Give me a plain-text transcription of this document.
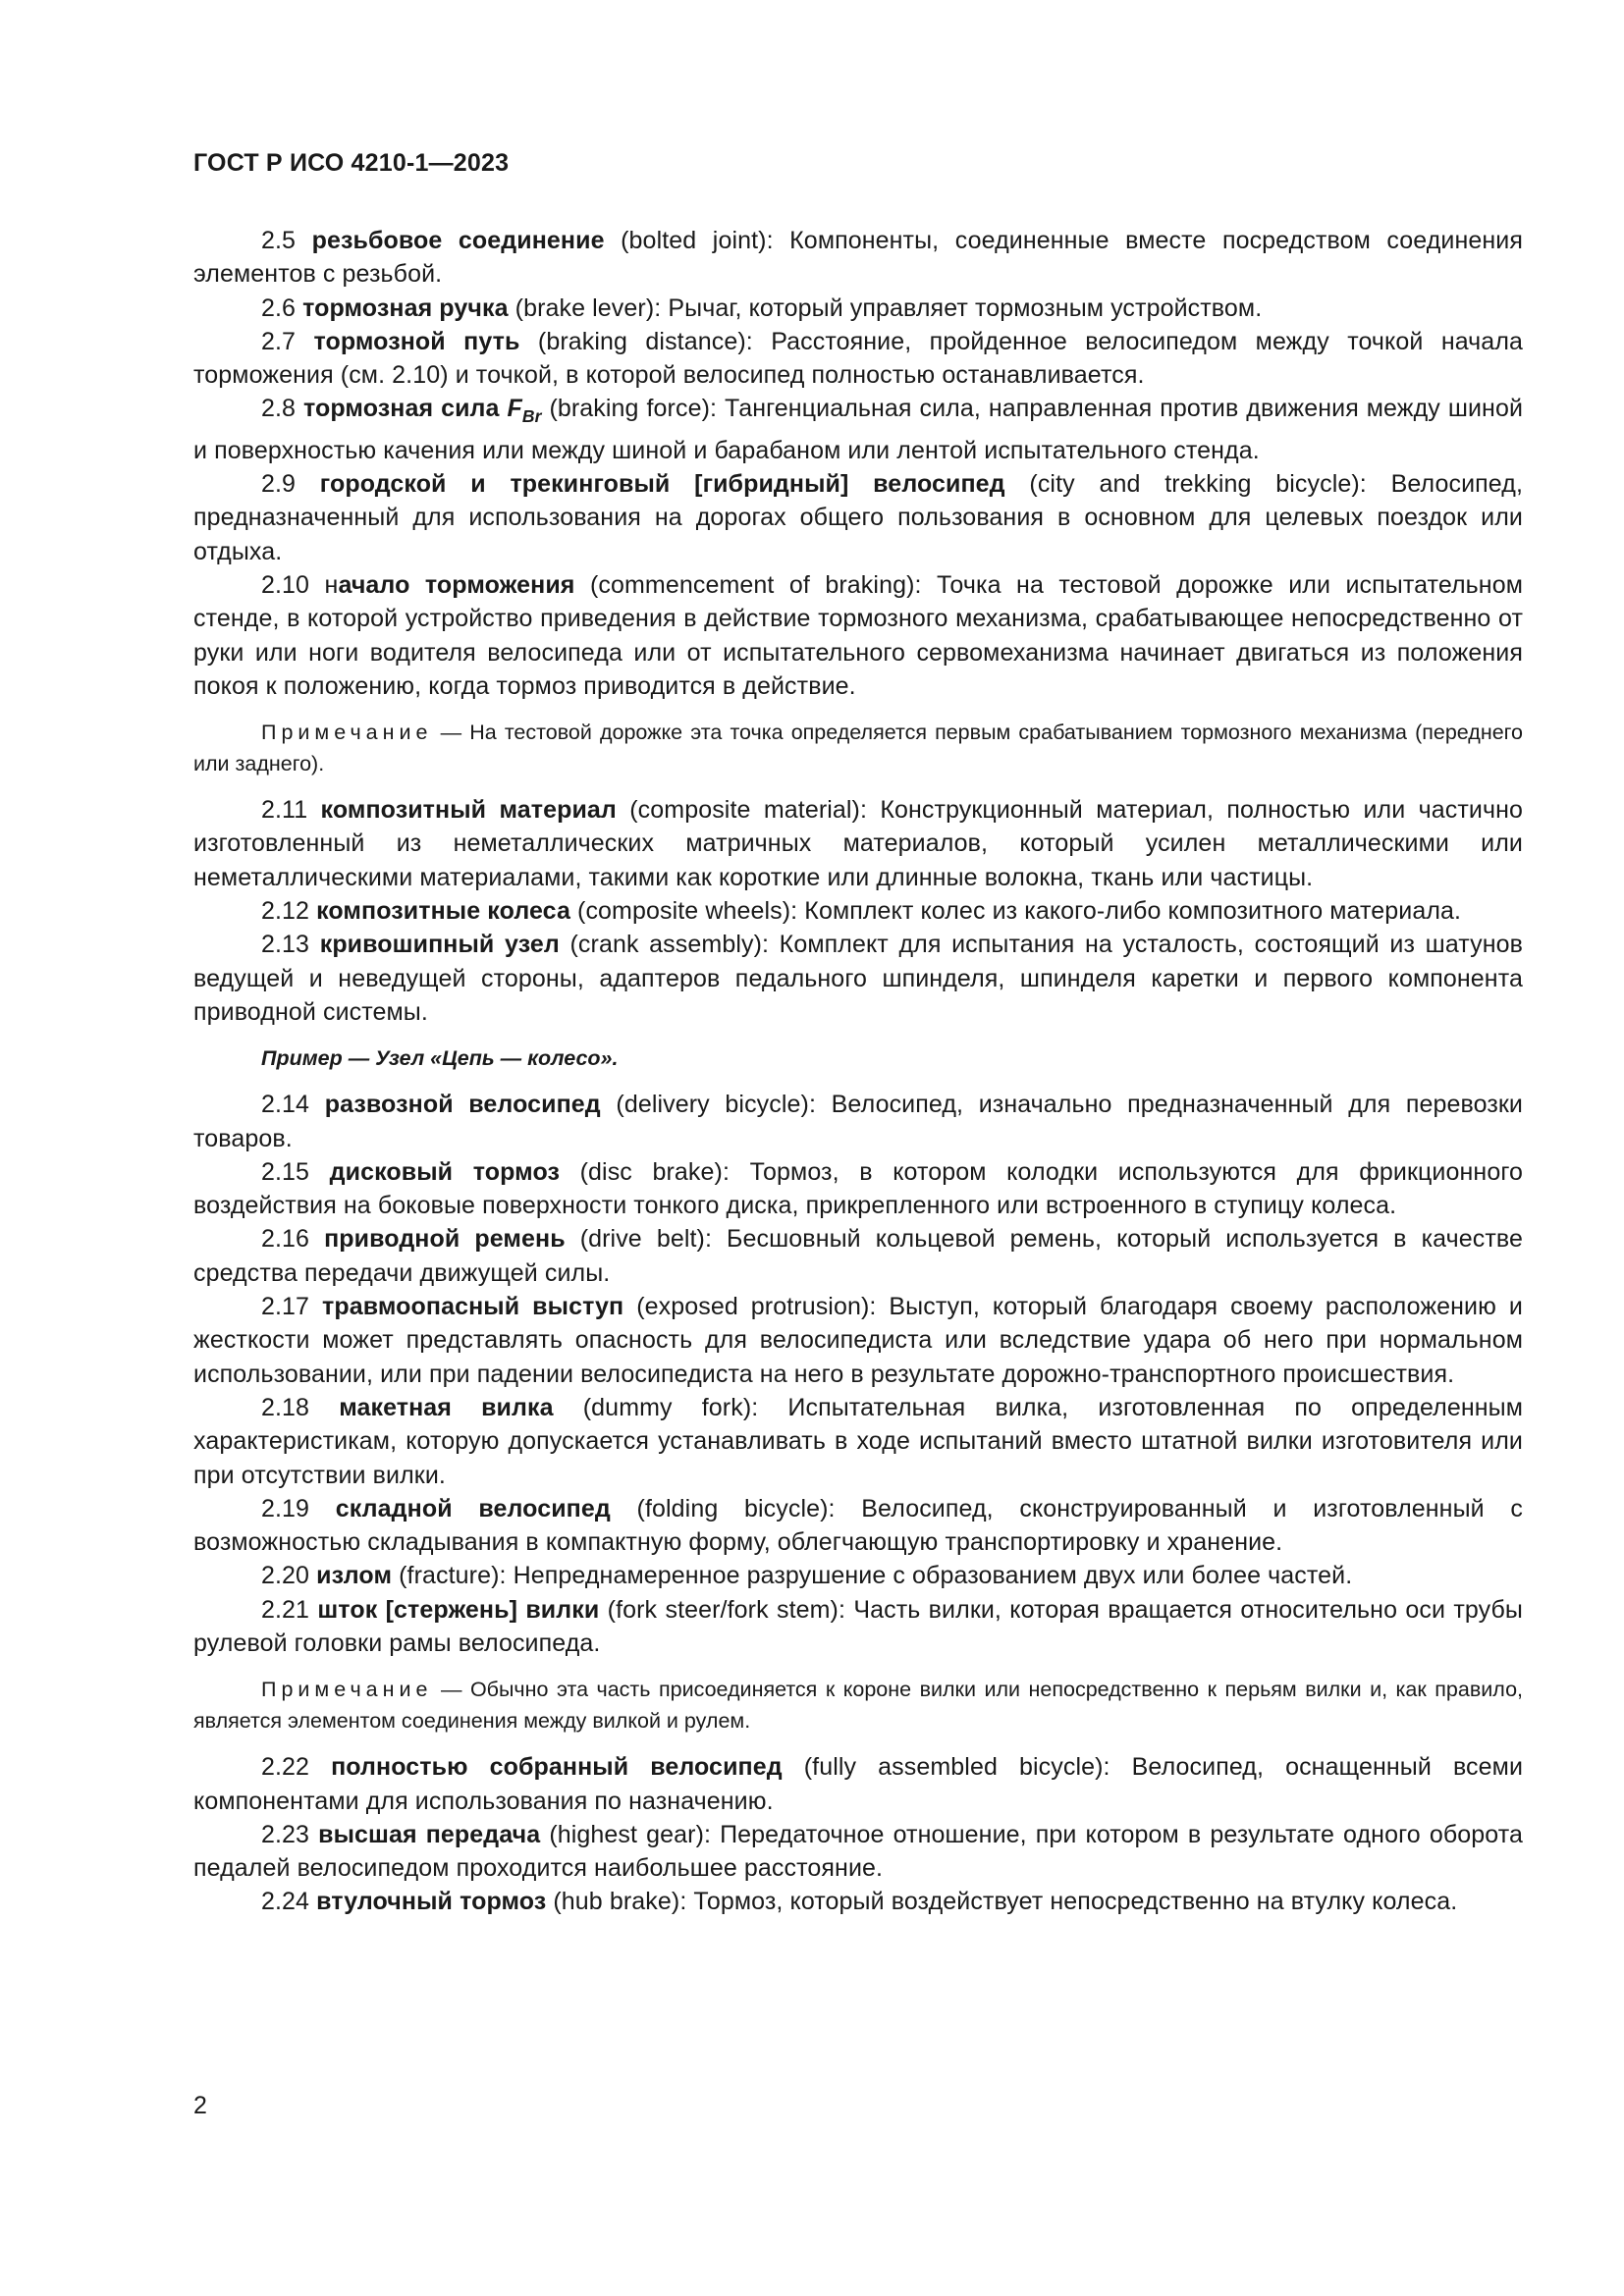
ГОСТ Р ИСО 4210-1—2023

2.5 резьбовое соединение (bolted joint): Компоненты, соединенные вместе посредством соединения элементов с резьбой.

2.6 тормозная ручка (brake lever): Рычаг, который управляет тормозным устройством.

2.7 тормозной путь (braking distance): Расстояние, пройденное велосипедом между точкой начала торможения (см. 2.10) и точкой, в которой велосипед полностью останавливается.

2.8 тормозная сила $F_{Br}$ (braking force): Тангенциальная сила, направленная против движения между шиной и поверхностью качения или между шиной и барабаном или лентой испытательного стенда.

2.9 городской и трекинговый [гибридный] велосипед (city and trekking bicycle): Велосипед, предназначенный для использования на дорогах общего пользования в основном для целевых поездок или отдыха.

2.10 начало торможения (commencement of braking): Точка на тестовой дорожке или испытательном стенде, в которой устройство приведения в действие тормозного механизма, срабатывающее непосредственно от руки или ноги водителя велосипеда или от испытательного сервомеханизма начинает двигаться из положения покоя к положению, когда тормоз приводится в действие.

Примечание — На тестовой дорожке эта точка определяется первым срабатыванием тормозного механизма (переднего или заднего).

2.11 композитный материал (composite material): Конструкционный материал, полностью или частично изготовленный из неметаллических матричных материалов, который усилен металлическими или неметаллическими материалами, такими как короткие или длинные волокна, ткань или частицы.

2.12 композитные колеса (composite wheels): Комплект колес из какого-либо композитного материала.

2.13 кривошипный узел (crank assembly): Комплект для испытания на усталость, состоящий из шатунов ведущей и неведущей стороны, адаптеров педального шпинделя, шпинделя каретки и первого компонента приводной системы.

Пример — Узел «Цепь — колесо».

2.14 развозной велосипед (delivery bicycle): Велосипед, изначально предназначенный для перевозки товаров.

2.15 дисковый тормоз (disc brake): Тормоз, в котором колодки используются для фрикционного воздействия на боковые поверхности тонкого диска, прикрепленного или встроенного в ступицу колеса.

2.16 приводной ремень (drive belt): Бесшовный кольцевой ремень, который используется в качестве средства передачи движущей силы.

2.17 травмоопасный выступ (exposed protrusion): Выступ, который благодаря своему расположению и жесткости может представлять опасность для велосипедиста или вследствие удара об него при нормальном использовании, или при падении велосипедиста на него в результате дорожно-транспортного происшествия.

2.18 макетная вилка (dummy fork): Испытательная вилка, изготовленная по определенным характеристикам, которую допускается устанавливать в ходе испытаний вместо штатной вилки изготовителя или при отсутствии вилки.

2.19 складной велосипед (folding bicycle): Велосипед, сконструированный и изготовленный с возможностью складывания в компактную форму, облегчающую транспортировку и хранение.

2.20 излом (fracture): Непреднамеренное разрушение с образованием двух или более частей.

2.21 шток [стержень] вилки (fork steer/fork stem): Часть вилки, которая вращается относительно оси трубы рулевой головки рамы велосипеда.

Примечание — Обычно эта часть присоединяется к короне вилки или непосредственно к перьям вилки и, как правило, является элементом соединения между вилкой и рулем.

2.22 полностью собранный велосипед (fully assembled bicycle): Велосипед, оснащенный всеми компонентами для использования по назначению.

2.23 высшая передача (highest gear): Передаточное отношение, при котором в результате одного оборота педалей велосипедом проходится наибольшее расстояние.

2.24 втулочный тормоз (hub brake): Тормоз, который воздействует непосредственно на втулку колеса.

2
